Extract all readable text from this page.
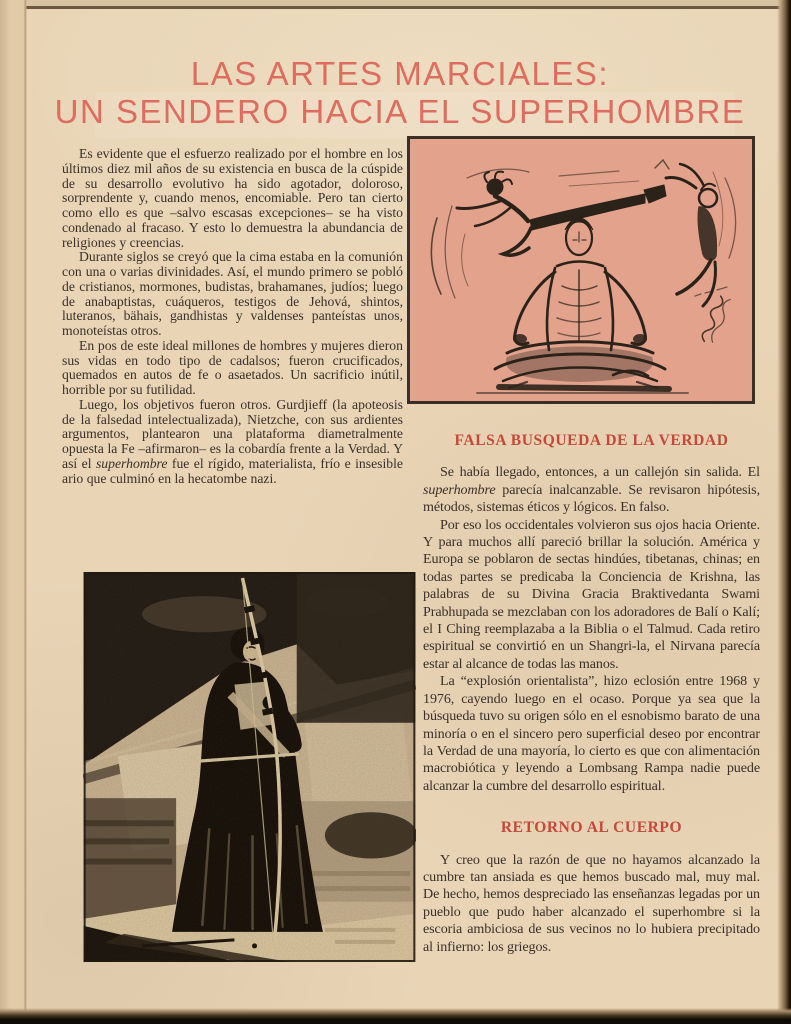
LAS ARTES MARCIALES:
UN SENDERO HACIA EL SUPERHOMBRE

Es evidente que el esfuerzo realizado por el hombre en los últimos diez mil años de su existencia en busca de la cúspide de su desarrollo evolutivo ha sido agotador, doloroso, sorprendente y, cuando menos, encomiable. Pero tan cierto como ello es que –salvo escasas excepciones– se ha visto condenado al fracaso. Y esto lo demuestra la abundancia de religiones y creencias.

Durante siglos se creyó que la cima estaba en la comunión con una o varias divinidades. Así, el mundo primero se pobló de cristianos, mormones, budistas, brahamanes, judíos; luego de anabaptistas, cuáqueros, testigos de Jehová, shintos, luteranos, bähais, gandhistas y valdenses panteístas unos, monoteístas otros.

En pos de este ideal millones de hombres y mujeres dieron sus vidas en todo tipo de cadalsos; fueron crucificados, quemados en autos de fe o asaetados. Un sacrificio inútil, horrible por su futilidad.

Luego, los objetivos fueron otros. Gurdjieff (la apoteosis de la falsedad intelectualizada), Nietzche, con sus ardientes argumentos, plantearon una plataforma diametralmente opuesta la Fe –afirmaron– es la cobardía frente a la Verdad. Y así el superhombre fue el rígido, materialista, frío e insesible ario que culminó en la hecatombe nazi.

FALSA BUSQUEDA DE LA VERDAD

Se había llegado, entonces, a un callejón sin salida. El superhombre parecía inalcanzable. Se revisaron hipótesis, métodos, sistemas éticos y lógicos. En falso.

Por eso los occidentales volvieron sus ojos hacia Oriente. Y para muchos allí pareció brillar la solución. América y Europa se poblaron de sectas hindúes, tibetanas, chinas; en todas partes se predicaba la Conciencia de Krishna, las palabras de su Divina Gracia Braktivedanta Swami Prabhupada se mezclaban con los adoradores de Balí o Kalí; el I Ching reemplazaba a la Biblia o el Talmud. Cada retiro espiritual se convirtió en un Shangri-la, el Nirvana parecía estar al alcance de todas las manos.

La “explosión orientalista”, hizo eclosión entre 1968 y 1976, cayendo luego en el ocaso. Porque ya sea que la búsqueda tuvo su origen sólo en el esnobismo barato de una minoría o en el sincero pero superficial deseo por encontrar la Verdad de una mayoría, lo cierto es que con alimentación macrobiótica y leyendo a Lombsang Rampa nadie puede alcanzar la cumbre del desarrollo espiritual.

RETORNO AL CUERPO

Y creo que la razón de que no hayamos alcanzado la cumbre tan ansiada es que hemos buscado mal, muy mal. De hecho, hemos despreciado las enseñanzas legadas por un pueblo que pudo haber alcanzado el superhombre si la escoria ambiciosa de sus vecinos no lo hubiera precipitado al infierno: los griegos.
